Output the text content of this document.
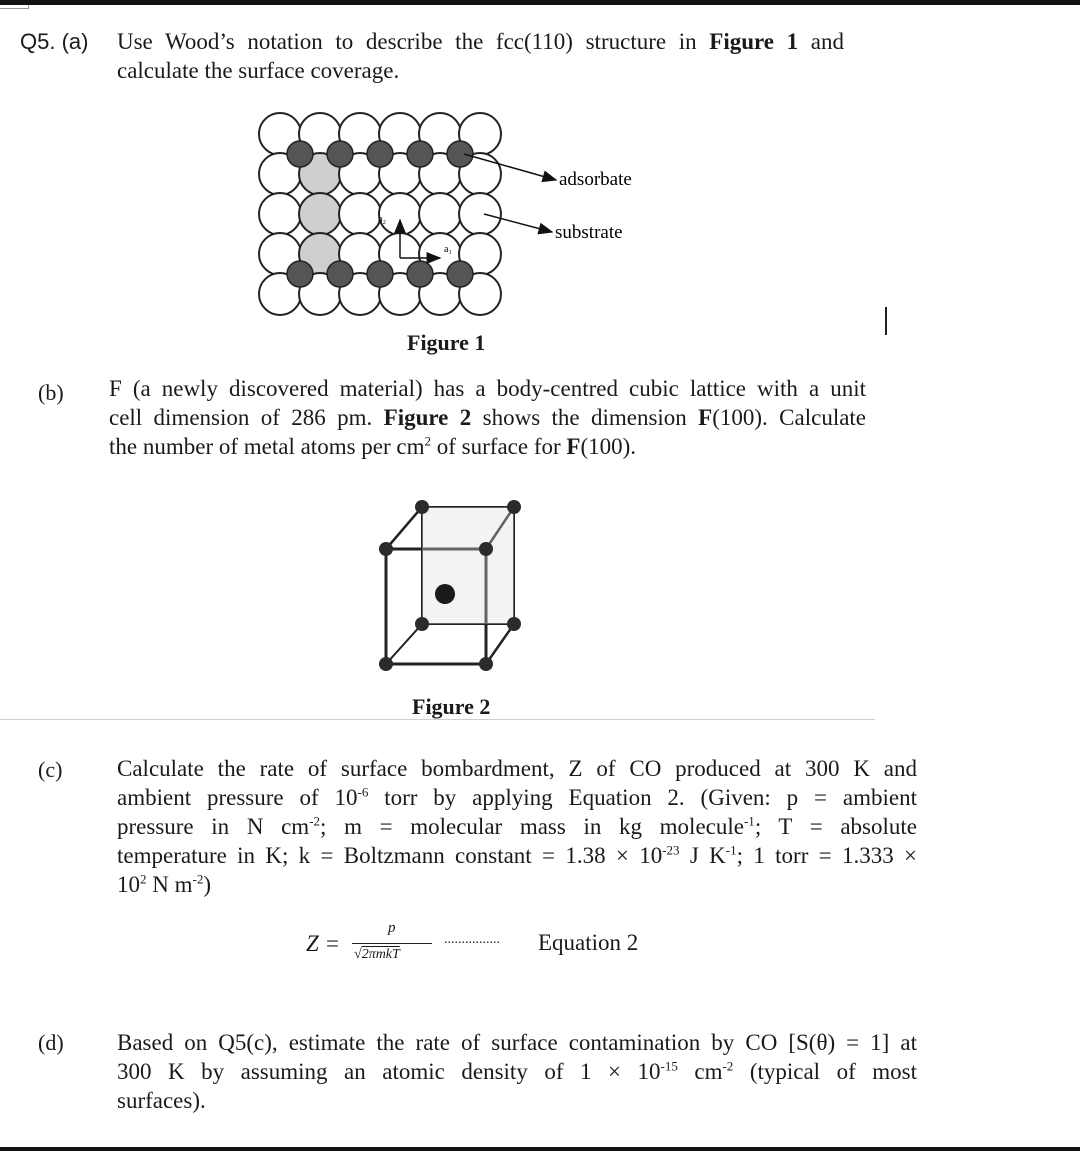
Q5. (a) Use Wood’s notation to describe the fcc(110) structure in Figure 1 and
calculate the surface coverage.
a₂
a₁
adsorbate
substrate
Figure 1
(b) F (a newly discovered material) has a body-centred cubic lattice with a unit
cell dimension of 286 pm. Figure 2 shows the dimension F(100). Calculate
the number of metal atoms per $cm^2$ of surface for F(100).
Figure 2
(c) Calculate the rate of surface bombardment, Z of CO produced at 300 K and
ambient pressure of $10^{-6}$ torr by applying Equation 2. (Given: p = ambient
pressure in N $cm^{-2}$; m = molecular mass in kg molecule$^{-1}$; T = absolute
temperature in K; k = Boltzmann constant = $1.38 \times 10^{-23}$ J $K^{-1}$; 1 torr = 1.333 ×
$10^2$ N $m^{-2}$)
Z =
p
√2πmkT
................ Equation 2
(d) Based on Q5(c), estimate the rate of surface contamination by CO [S(θ) = 1] at
300 K by assuming an atomic density of $1 \times 10^{-15}$ $cm^{-2}$ (typical of most
surfaces).
